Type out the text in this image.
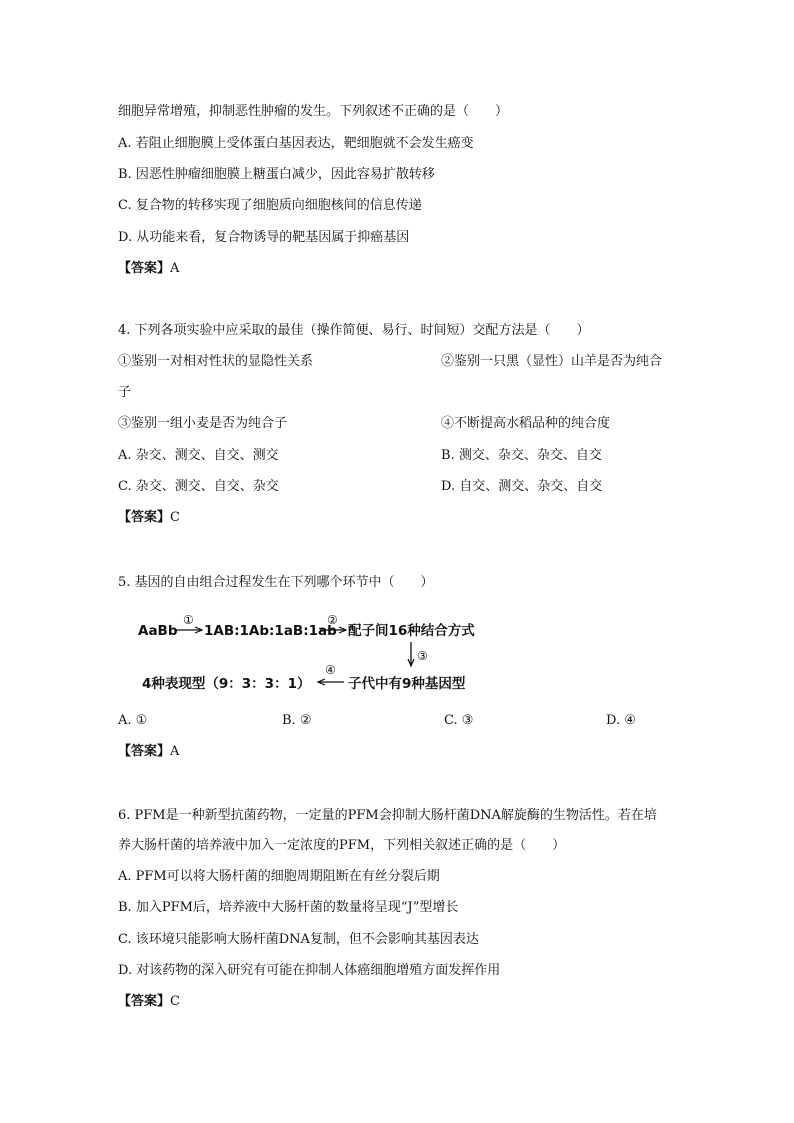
细胞异常增殖，抑制恶性肿瘤的发生。下列叙述不正确的是（　　）
A. 若阻止细胞膜上受体蛋白基因表达，靶细胞就不会发生癌变
B. 因恶性肿瘤细胞膜上糖蛋白减少，因此容易扩散转移
C. 复合物的转移实现了细胞质向细胞核间的信息传递
D. 从功能来看，复合物诱导的靶基因属于抑癌基因
【答案】A
4. 下列各项实验中应采取的最佳（操作简便、易行、时间短）交配方法是（　　）
①鉴别一对相对性状的显隐性关系	②鉴别一只黑（显性）山羊是否为纯合
子
③鉴别一组小麦是否为纯合子	④不断提高水稻品种的纯合度
A. 杂交、测交、自交、测交	B. 测交、杂交、杂交、自交
C. 杂交、测交、自交、杂交	D. 自交、测交、杂交、自交
【答案】C
5. 基因的自由组合过程发生在下列哪个环节中（　　）
AaBb
①
1AB:1Ab:1aB:1ab
②
配子间16种结合方式
③
子代中有9种基因型
④
4种表现型（9：3：3：1）
A. ①	B. ②	C. ③	D. ④
【答案】A
6. PFM是一种新型抗菌药物，一定量的PFM会抑制大肠杆菌DNA解旋酶的生物活性。若在培
养大肠杆菌的培养液中加入一定浓度的PFM，下列相关叙述正确的是（　　）
A. PFM可以将大肠杆菌的细胞周期阻断在有丝分裂后期
B. 加入PFM后，培养液中大肠杆菌的数量将呈现“J”型增长
C. 该环境只能影响大肠杆菌DNA复制，但不会影响其基因表达
D. 对该药物的深入研究有可能在抑制人体癌细胞增殖方面发挥作用
【答案】C
